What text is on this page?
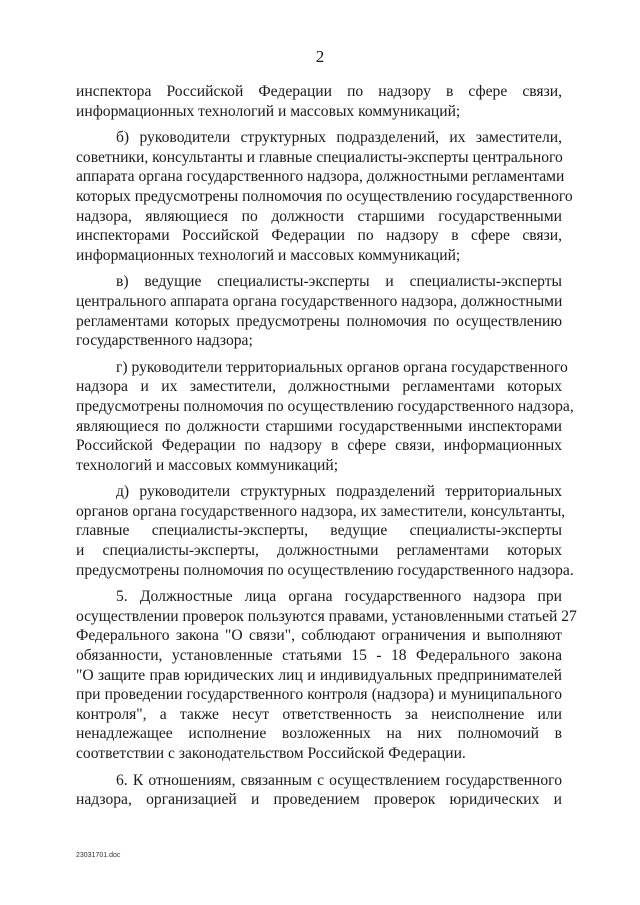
2
инспектора Российской Федерации по надзору в сфере связи,
информационных технологий и массовых коммуникаций;
б) руководители структурных подразделений, их заместители,
советники, консультанты и главные специалисты-эксперты центрального
аппарата органа государственного надзора, должностными регламентами
которых предусмотрены полномочия по осуществлению государственного
надзора, являющиеся по должности старшими государственными
инспекторами Российской Федерации по надзору в сфере связи,
информационных технологий и массовых коммуникаций;
в) ведущие специалисты-эксперты и специалисты-эксперты
центрального аппарата органа государственного надзора, должностными
регламентами которых предусмотрены полномочия по осуществлению
государственного надзора;
г) руководители территориальных органов органа государственного
надзора и их заместители, должностными регламентами которых
предусмотрены полномочия по осуществлению государственного надзора,
являющиеся по должности старшими государственными инспекторами
Российской Федерации по надзору в сфере связи, информационных
технологий и массовых коммуникаций;
д) руководители структурных подразделений территориальных
органов органа государственного надзора, их заместители, консультанты,
главные специалисты-эксперты, ведущие специалисты-эксперты
и специалисты-эксперты, должностными регламентами которых
предусмотрены полномочия по осуществлению государственного надзора.
5. Должностные лица органа государственного надзора при
осуществлении проверок пользуются правами, установленными статьей 27
Федерального закона "О связи", соблюдают ограничения и выполняют
обязанности, установленные статьями 15 - 18 Федерального закона
"О защите прав юридических лиц и индивидуальных предпринимателей
при проведении государственного контроля (надзора) и муниципального
контроля", а также несут ответственность за неисполнение или
ненадлежащее исполнение возложенных на них полномочий в
соответствии с законодательством Российской Федерации.
6. К отношениям, связанным с осуществлением государственного
надзора, организацией и проведением проверок юридических и
23031701.doc
